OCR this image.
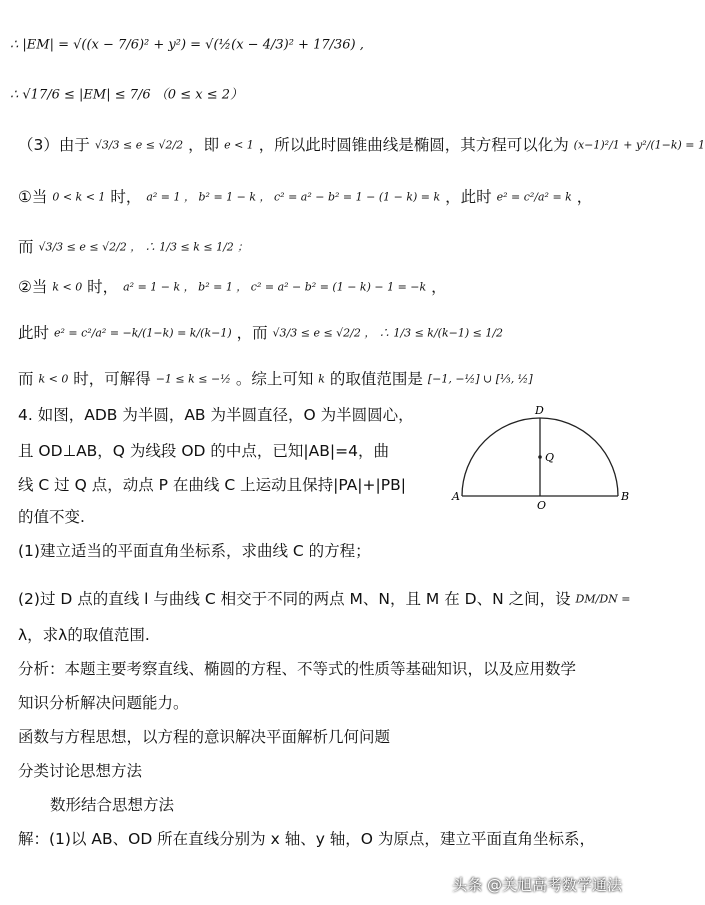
∴ |EM| = √((x − 7/6)² + y²) = √(½(x − 4/3)² + 17/36) ,
∴ √17/6 ≤ |EM| ≤ 7/6 （0 ≤ x ≤ 2）
（3）由于 √3/3 ≤ e ≤ √2/2 ，即 e < 1 ，所以此时圆锥曲线是椭圆，其方程可以化为 (x−1)²/1 + y²/(1−k) = 1
①当 0 < k < 1 时， a² = 1 ， b² = 1 − k ， c² = a² − b² = 1 − (1 − k) = k ，此时 e² = c²/a² = k ，
而 √3/3 ≤ e ≤ √2/2 ， ∴ 1/3 ≤ k ≤ 1/2 ；
②当 k < 0 时， a² = 1 − k ， b² = 1 ， c² = a² − b² = (1 − k) − 1 = −k ，
此时 e² = c²/a² = −k/(1−k) = k/(k−1) ，而 √3/3 ≤ e ≤ √2/2 ， ∴ 1/3 ≤ k/(k−1) ≤ 1/2
而 k < 0 时，可解得 −1 ≤ k ≤ −½ 。综上可知 k 的取值范围是 [−1, −½] ∪ [⅓, ½]
4. 如图，ADB 为半圆，AB 为半圆直径，O 为半圆圆心，
且 OD⊥AB，Q 为线段 OD 的中点，已知|AB|=4，曲
线 C 过 Q 点，动点 P 在曲线 C 上运动且保持|PA|+|PB|
的值不变.
(1)建立适当的平面直角坐标系，求曲线 C 的方程；
(2)过 D 点的直线 l 与曲线 C 相交于不同的两点 M、N，且 M 在 D、N 之间，设 DM/DN =
λ，求λ的取值范围.
分析：本题主要考察直线、椭圆的方程、不等式的性质等基础知识，以及应用数学
知识分析解决问题能力。
函数与方程思想，以方程的意识解决平面解析几何问题
分类讨论思想方法
数形结合思想方法
解：(1)以 AB、OD 所在直线分别为 x 轴、y 轴，O 为原点，建立平面直角坐标系，
D
Q
A
O
B
头条 @关旭高考数学通法
